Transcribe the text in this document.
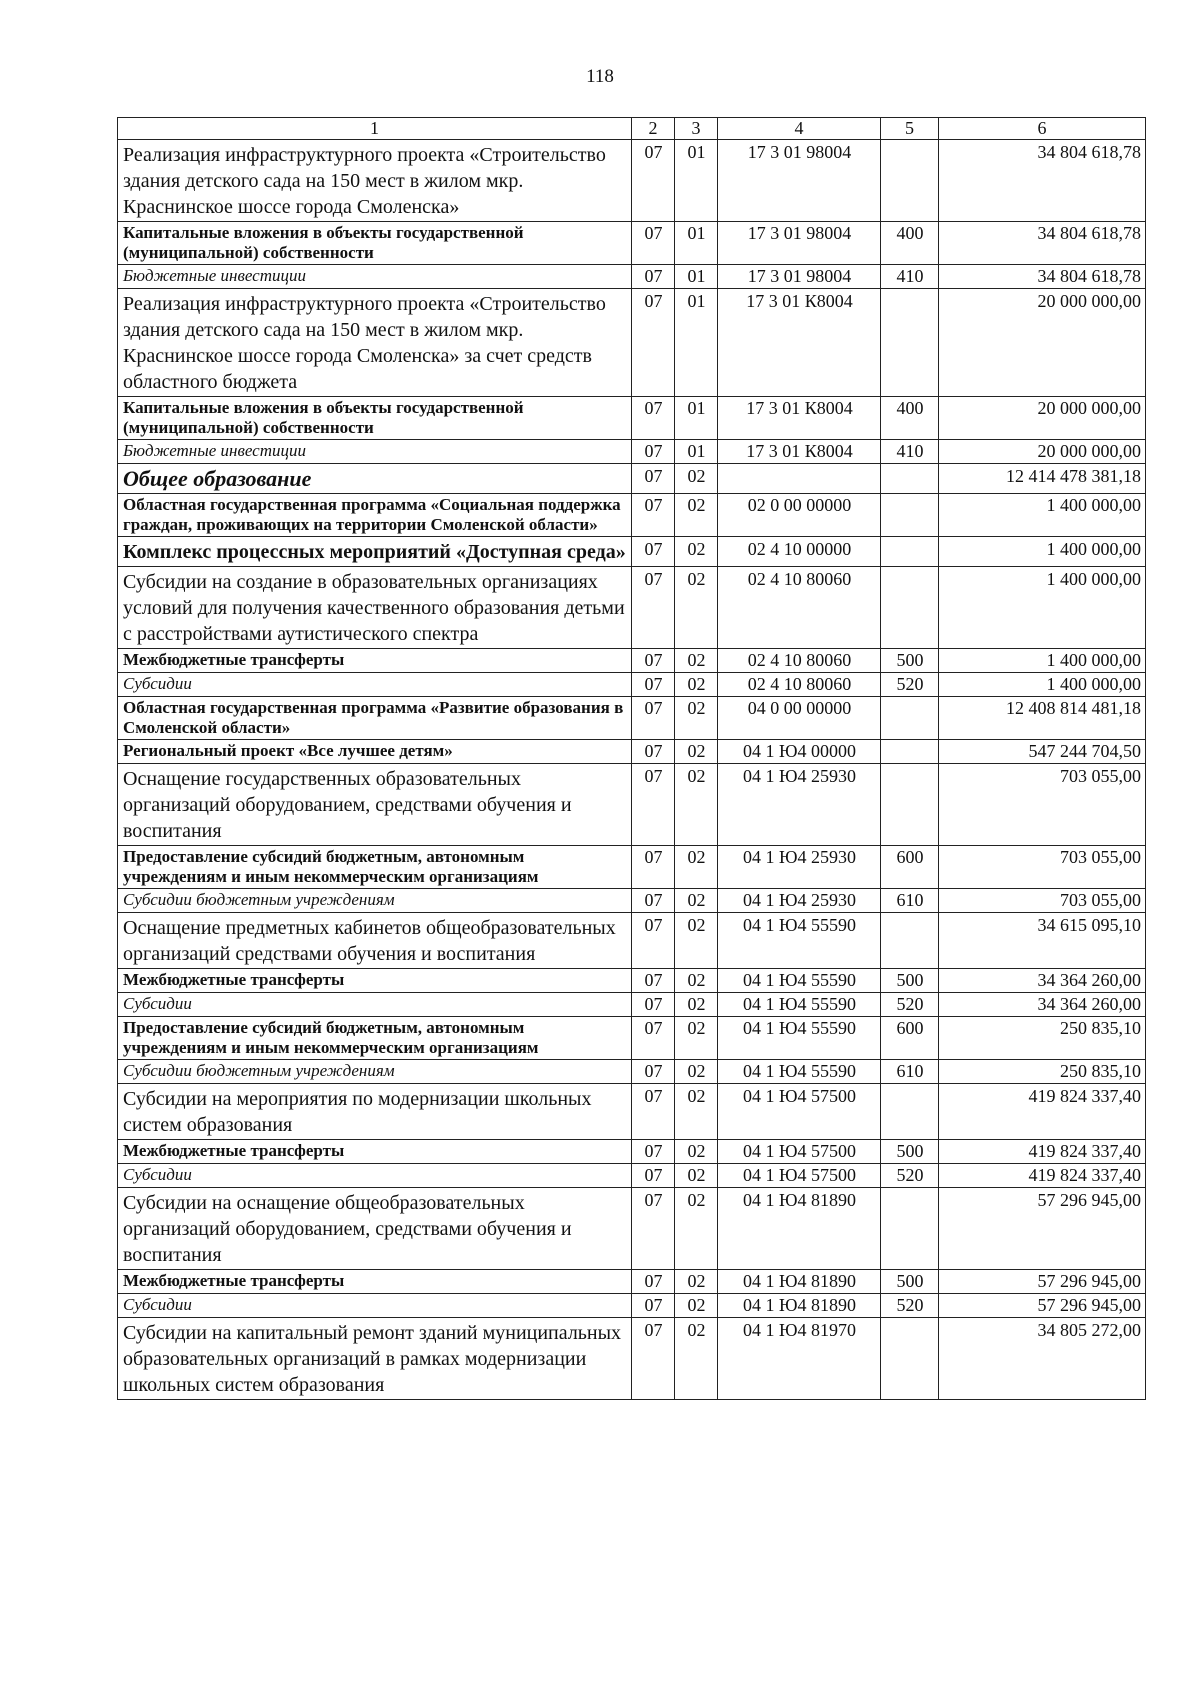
118
1	2	3	4	5	6
Реализация инфраструктурного проекта «Строительство здания детского сада на 150 мест в жилом мкр. Краснинское шоссе города Смоленска»	07	01	17 3 01 98004		34 804 618,78
Капитальные вложения в объекты государственной (муниципальной) собственности	07	01	17 3 01 98004	400	34 804 618,78
Бюджетные инвестиции	07	01	17 3 01 98004	410	34 804 618,78
Реализация инфраструктурного проекта «Строительство здания детского сада на 150 мест в жилом мкр. Краснинское шоссе города Смоленска» за счет средств областного бюджета	07	01	17 3 01 К8004		20 000 000,00
Капитальные вложения в объекты государственной (муниципальной) собственности	07	01	17 3 01 К8004	400	20 000 000,00
Бюджетные инвестиции	07	01	17 3 01 К8004	410	20 000 000,00
Общее образование	07	02			12 414 478 381,18
Областная государственная программа «Социальная поддержка граждан, проживающих на территории Смоленской области»	07	02	02 0 00 00000		1 400 000,00
Комплекс процессных мероприятий «Доступная среда»	07	02	02 4 10 00000		1 400 000,00
Субсидии на создание в образовательных организациях условий для получения качественного образования детьми с расстройствами аутистического спектра	07	02	02 4 10 80060		1 400 000,00
Межбюджетные трансферты	07	02	02 4 10 80060	500	1 400 000,00
Субсидии	07	02	02 4 10 80060	520	1 400 000,00
Областная государственная программа «Развитие образования в Смоленской области»	07	02	04 0 00 00000		12 408 814 481,18
Региональный проект «Все лучшее детям»	07	02	04 1 Ю4 00000		547 244 704,50
Оснащение государственных образовательных организаций оборудованием, средствами обучения и воспитания	07	02	04 1 Ю4 25930		703 055,00
Предоставление субсидий бюджетным, автономным учреждениям и иным некоммерческим организациям	07	02	04 1 Ю4 25930	600	703 055,00
Субсидии бюджетным учреждениям	07	02	04 1 Ю4 25930	610	703 055,00
Оснащение предметных кабинетов общеобразовательных организаций средствами обучения и воспитания	07	02	04 1 Ю4 55590		34 615 095,10
Межбюджетные трансферты	07	02	04 1 Ю4 55590	500	34 364 260,00
Субсидии	07	02	04 1 Ю4 55590	520	34 364 260,00
Предоставление субсидий бюджетным, автономным учреждениям и иным некоммерческим организациям	07	02	04 1 Ю4 55590	600	250 835,10
Субсидии бюджетным учреждениям	07	02	04 1 Ю4 55590	610	250 835,10
Субсидии на мероприятия по модернизации школьных систем образования	07	02	04 1 Ю4 57500		419 824 337,40
Межбюджетные трансферты	07	02	04 1 Ю4 57500	500	419 824 337,40
Субсидии	07	02	04 1 Ю4 57500	520	419 824 337,40
Субсидии на оснащение общеобразовательных организаций оборудованием, средствами обучения и воспитания	07	02	04 1 Ю4 81890		57 296 945,00
Межбюджетные трансферты	07	02	04 1 Ю4 81890	500	57 296 945,00
Субсидии	07	02	04 1 Ю4 81890	520	57 296 945,00
Субсидии на капитальный ремонт зданий муниципальных образовательных организаций в рамках модернизации школьных систем образования	07	02	04 1 Ю4 81970		34 805 272,00
